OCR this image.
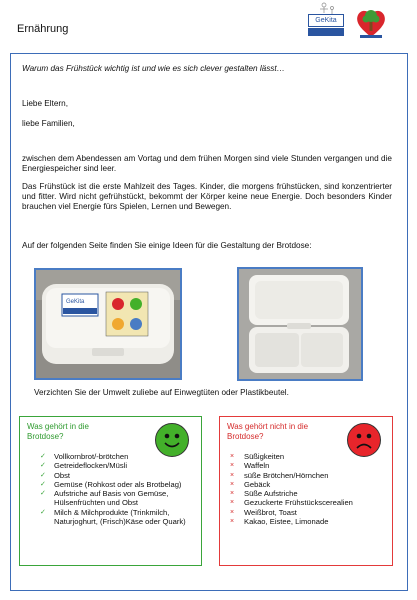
Ernährung
GeKita
Warum das Frühstück wichtig ist und wie es sich clever gestalten lässt…
Liebe Eltern,
liebe Familien,
zwischen dem Abendessen am Vortag und dem frühen Morgen sind viele Stunden vergangen und die Energiespeicher sind leer.
Das Frühstück ist die erste Mahlzeit des Tages. Kinder, die morgens frühstücken, sind konzentrierter und fitter. Wird nicht gefrühstückt, bekommt der Körper keine neue Energie. Doch besonders Kinder brauchen viel Energie fürs Spielen, Lernen und Bewegen.
Auf der folgenden Seite finden Sie einige Ideen für die Gestaltung der Brotdose:
GeKita
Verzichten Sie der Umwelt zuliebe auf Einwegtüten oder Plastikbeutel.
Was gehört in die Brotdose?
✓ Vollkornbrot/-brötchen
✓ Getreideflocken/Müsli
✓ Obst
✓ Gemüse (Rohkost oder als Brotbelag)
✓ Aufstriche auf Basis von Gemüse, Hülsenfrüchten und Obst
✓ Milch & Milchprodukte (Trinkmilch, Naturjoghurt, (Frisch)Käse oder Quark)
Was gehört nicht in die Brotdose?
× Süßigkeiten
× Waffeln
× süße Brötchen/Hörnchen
× Gebäck
× Süße Aufstriche
× Gezuckerte Frühstückscerealien
× Weißbrot, Toast
× Kakao, Eistee, Limonade
